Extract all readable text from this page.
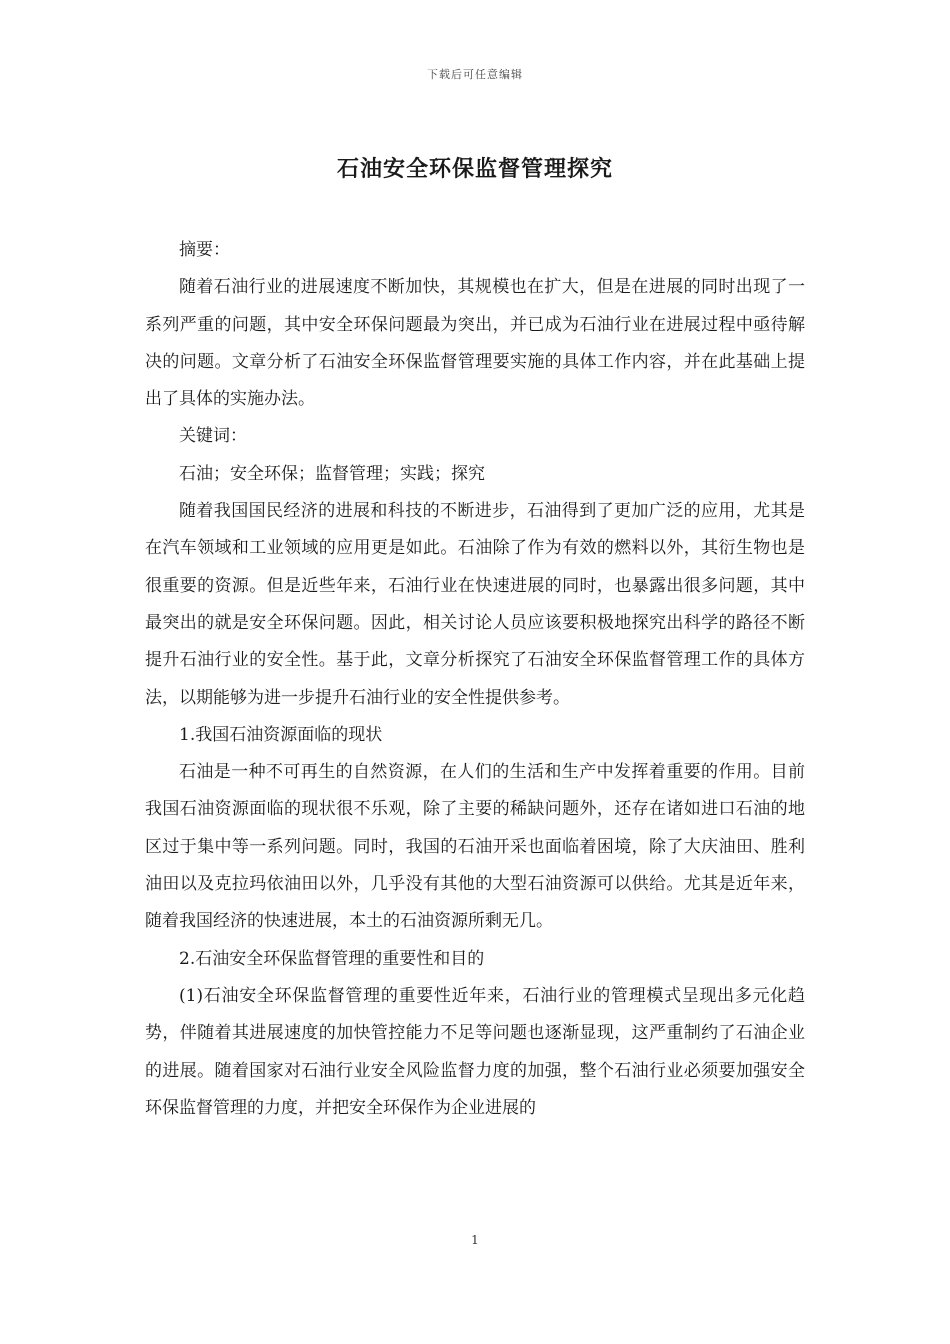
下载后可任意编辑
石油安全环保监督管理探究

摘要：

随着石油行业的进展速度不断加快，其规模也在扩大，但是在进展的同时出现了一系列严重的问题，其中安全环保问题最为突出，并已成为石油行业在进展过程中亟待解决的问题。文章分析了石油安全环保监督管理要实施的具体工作内容，并在此基础上提出了具体的实施办法。

关键词：

石油；安全环保；监督管理；实践；探究

随着我国国民经济的进展和科技的不断进步，石油得到了更加广泛的应用，尤其是在汽车领域和工业领域的应用更是如此。石油除了作为有效的燃料以外，其衍生物也是很重要的资源。但是近些年来，石油行业在快速进展的同时，也暴露出很多问题，其中最突出的就是安全环保问题。因此，相关讨论人员应该要积极地探究出科学的路径不断提升石油行业的安全性。基于此，文章分析探究了石油安全环保监督管理工作的具体方法，以期能够为进一步提升石油行业的安全性提供参考。

1.我国石油资源面临的现状

石油是一种不可再生的自然资源，在人们的生活和生产中发挥着重要的作用。目前我国石油资源面临的现状很不乐观，除了主要的稀缺问题外，还存在诸如进口石油的地区过于集中等一系列问题。同时，我国的石油开采也面临着困境，除了大庆油田、胜利油田以及克拉玛依油田以外，几乎没有其他的大型石油资源可以供给。尤其是近年来，随着我国经济的快速进展，本土的石油资源所剩无几。

2.石油安全环保监督管理的重要性和目的

(1)石油安全环保监督管理的重要性近年来，石油行业的管理模式呈现出多元化趋势，伴随着其进展速度的加快管控能力不足等问题也逐渐显现，这严重制约了石油企业的进展。随着国家对石油行业安全风险监督力度的加强，整个石油行业必须要加强安全环保监督管理的力度，并把安全环保作为企业进展的

1
